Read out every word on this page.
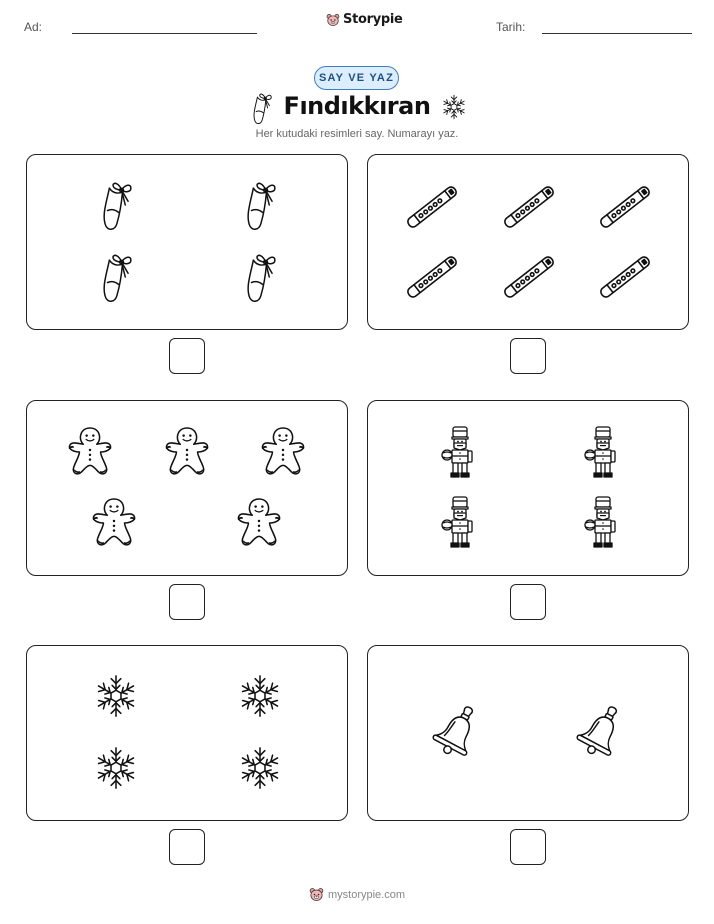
Ad:	Storypie	Tarih:
SAY VE YAZ
Fındıkkıran
Her kutudaki resimleri say. Numarayı yaz.
mystorypie.com
